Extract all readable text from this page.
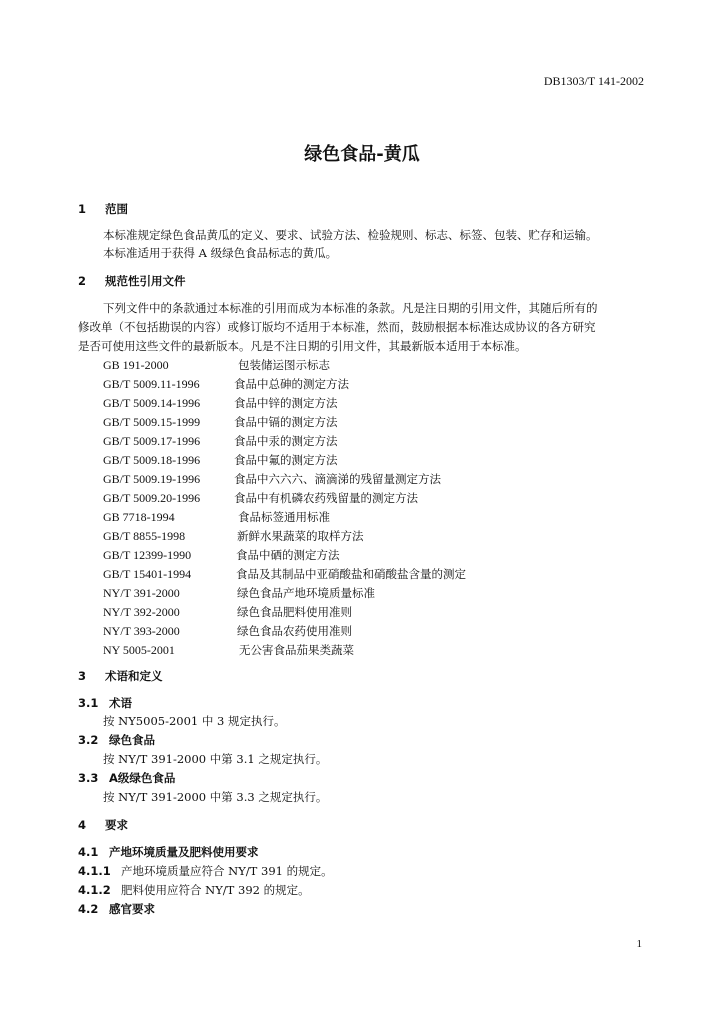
DB1303/T 141-2002
绿色食品-黄瓜
1 范围
本标准规定绿色食品黄瓜的定义、要求、试验方法、检验规则、标志、标签、包装、贮存和运输。
本标准适用于获得 A 级绿色食品标志的黄瓜。
2 规范性引用文件
下列文件中的条款通过本标准的引用而成为本标准的条款。凡是注日期的引用文件，其随后所有的
修改单（不包括勘误的内容）或修订版均不适用于本标准，然而，鼓励根据本标准达成协议的各方研究
是否可使用这些文件的最新版本。凡是不注日期的引用文件，其最新版本适用于本标准。
GB 191-2000	包装储运图示标志
GB/T 5009.11-1996	食品中总砷的测定方法
GB/T 5009.14-1996	食品中锌的测定方法
GB/T 5009.15-1999	食品中镉的测定方法
GB/T 5009.17-1996	食品中汞的测定方法
GB/T 5009.18-1996	食品中氟的测定方法
GB/T 5009.19-1996	食品中六六六、滴滴涕的残留量测定方法
GB/T 5009.20-1996	食品中有机磷农药残留量的测定方法
GB 7718-1994	食品标签通用标准
GB/T 8855-1998	新鲜水果蔬菜的取样方法
GB/T 12399-1990	食品中硒的测定方法
GB/T 15401-1994	食品及其制品中亚硝酸盐和硝酸盐含量的测定
NY/T 391-2000	绿色食品产地环境质量标准
NY/T 392-2000	绿色食品肥料使用准则
NY/T 393-2000	绿色食品农药使用准则
NY 5005-2001	无公害食品茄果类蔬菜
3 术语和定义
3.1 术语
按 NY5005-2001 中 3 规定执行。
3.2 绿色食品
按 NY/T 391-2000 中第 3.1 之规定执行。
3.3 A级绿色食品
按 NY/T 391-2000 中第 3.3 之规定执行。
4 要求
4.1 产地环境质量及肥料使用要求
4.1.1 产地环境质量应符合 NY/T 391 的规定。
4.1.2 肥料使用应符合 NY/T 392 的规定。
4.2 感官要求
1
